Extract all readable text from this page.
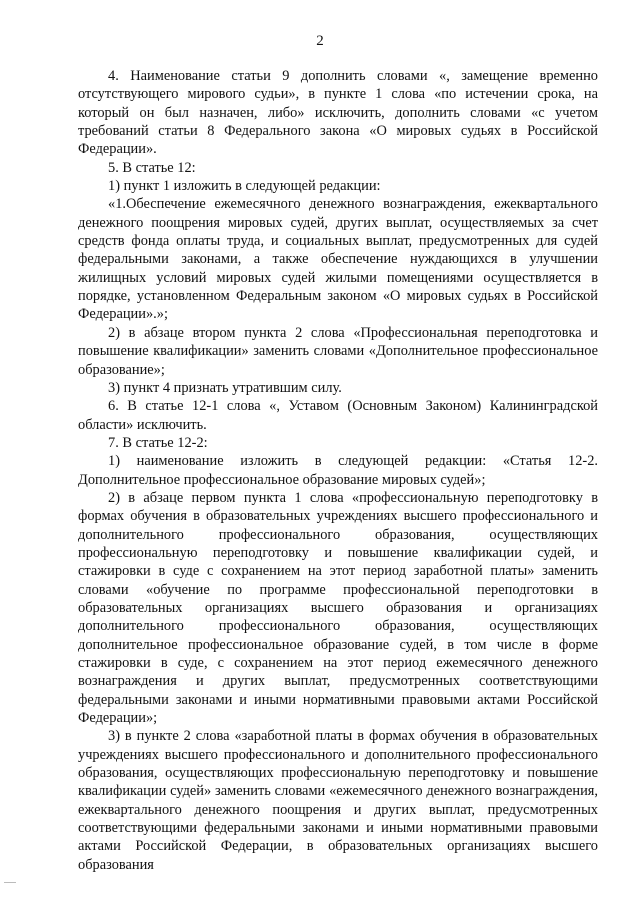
2

4. Наименование статьи 9 дополнить словами «, замещение временно отсутствующего мирового судьи», в пункте 1 слова «по истечении срока, на который он был назначен, либо» исключить, дополнить словами «с учетом требований статьи 8 Федерального закона «О мировых судьях в Российской Федерации».

5. В статье 12:

1) пункт 1 изложить в следующей редакции:

«1.Обеспечение ежемесячного денежного вознаграждения, ежеквартального денежного поощрения мировых судей, других выплат, осуществляемых за счет средств фонда оплаты труда, и социальных выплат, предусмотренных для судей федеральными законами, а также обеспечение нуждающихся в улучшении жилищных условий мировых судей жилыми помещениями осуществляется в порядке, установленном Федеральным законом «О мировых судьях в Российской Федерации».»;

2) в абзаце втором пункта 2 слова «Профессиональная переподготовка и повышение квалификации» заменить словами «Дополнительное профессиональное образование»;

3) пункт 4 признать утратившим силу.

6. В статье 12-1 слова «, Уставом (Основным Законом) Калининградской области» исключить.

7. В статье 12-2:

1) наименование изложить в следующей редакции: «Статья 12-2. Дополнительное профессиональное образование мировых судей»;

2) в абзаце первом пункта 1 слова «профессиональную переподготовку в формах обучения в образовательных учреждениях высшего профессионального и дополнительного профессионального образования, осуществляющих профессиональную переподготовку и повышение квалификации судей, и стажировки в суде с сохранением на этот период заработной платы» заменить словами «обучение по программе профессиональной переподготовки в образовательных организациях высшего образования и организациях дополнительного профессионального образования, осуществляющих дополнительное профессиональное образование судей, в том числе в форме стажировки в суде, с сохранением на этот период ежемесячного денежного вознаграждения и других выплат, предусмотренных соответствующими федеральными законами и иными нормативными правовыми актами Российской Федерации»;

3) в пункте 2 слова «заработной платы в формах обучения в образовательных учреждениях высшего профессионального и дополнительного профессионального образования, осуществляющих профессиональную переподготовку и повышение квалификации судей» заменить словами «ежемесячного денежного вознаграждения, ежеквартального денежного поощрения и других выплат, предусмотренных соответствующими федеральными законами и иными нормативными правовыми актами Российской Федерации, в образовательных организациях высшего образования
